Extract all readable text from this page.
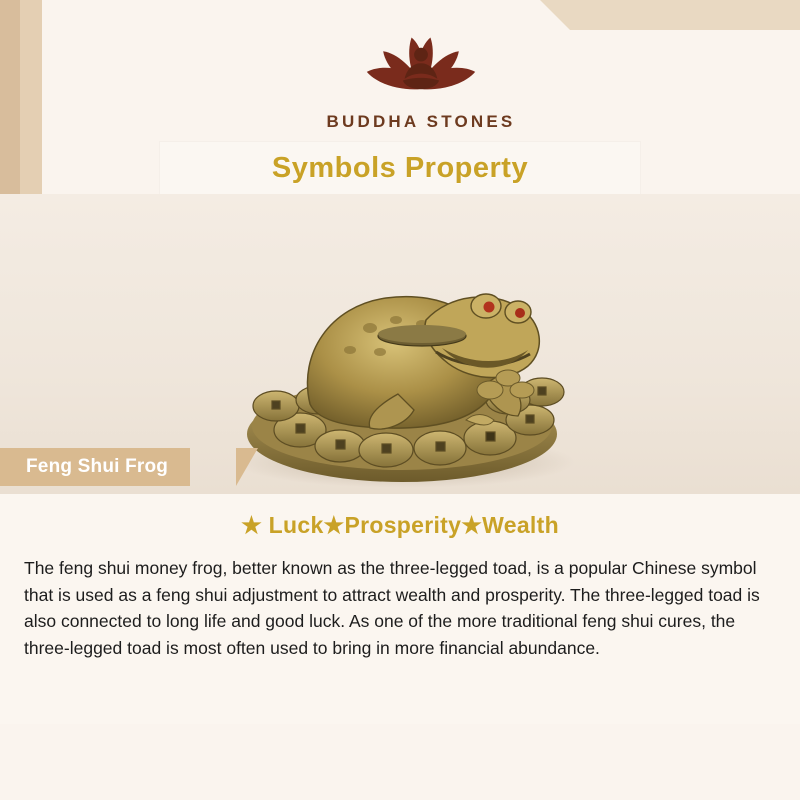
BUDDHA STONES
Symbols Property
Feng Shui Frog
★ Luck★Prosperity★Wealth
The feng shui money frog, better known as the three-legged toad, is a popular Chinese symbol that is used as a feng shui adjustment to attract wealth and prosperity. The three-legged toad is also connected to long life and good luck. As one of the more traditional feng shui cures, the three-legged toad is most often used to bring in more financial abundance.
